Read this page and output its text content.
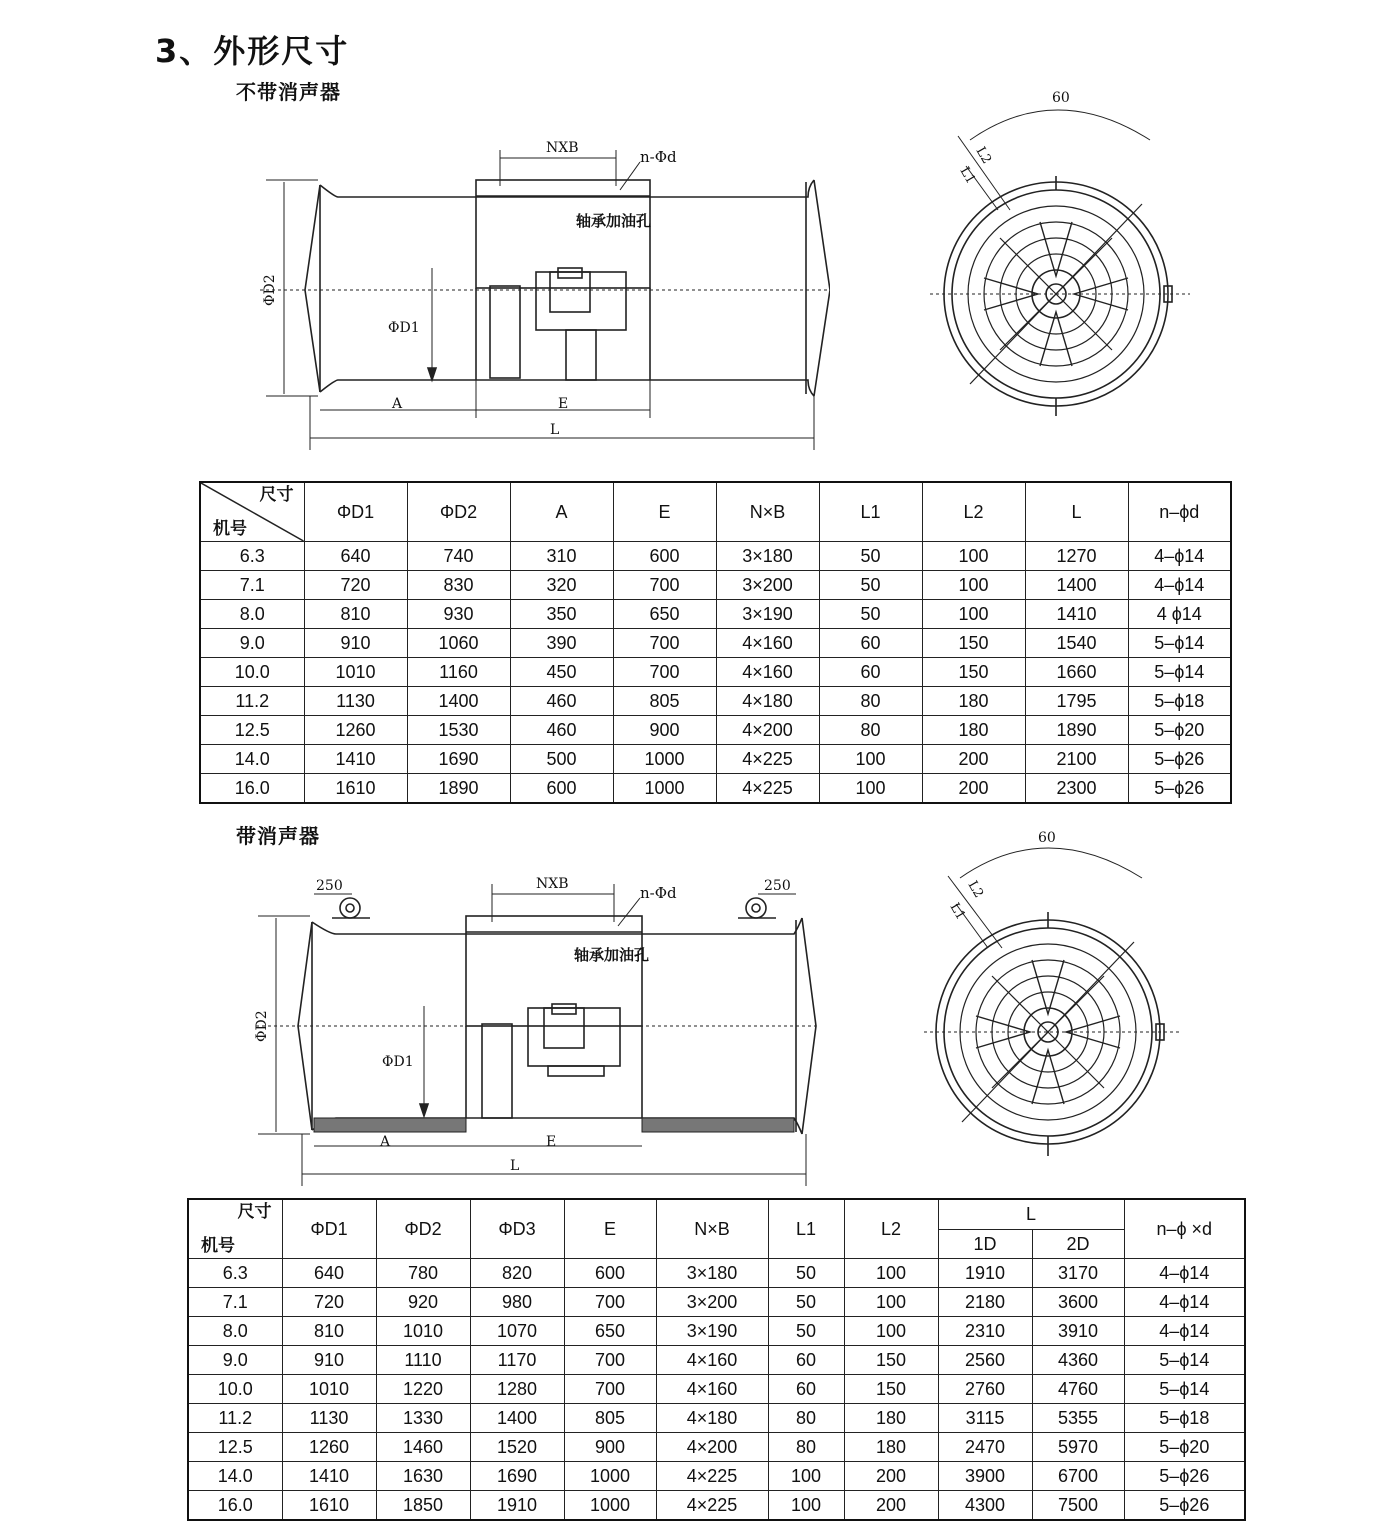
3、外形尺寸
不带消声器
NXB	n-Φd
轴承加油孔
ΦD1
ΦD2
A	E
L
60
L1
L2
尺寸
机号	ΦD1	ΦD2	A	E	N×B	L1	L2	L	n–ϕd
6.3	640	740	310	600	3×180	50	100	1270	4–ϕ14
7.1	720	830	320	700	3×200	50	100	1400	4–ϕ14
8.0	810	930	350	650	3×190	50	100	1410	4 ϕ14
9.0	910	1060	390	700	4×160	60	150	1540	5–ϕ14
10.0	1010	1160	450	700	4×160	60	150	1660	5–ϕ14
11.2	1130	1400	460	805	4×180	80	180	1795	5–ϕ18
12.5	1260	1530	460	900	4×200	80	180	1890	5–ϕ20
14.0	1410	1690	500	1000	4×225	100	200	2100	5–ϕ26
16.0	1610	1890	600	1000	4×225	100	200	2300	5–ϕ26
带消声器
250	250
NXB	n-Φd
轴承加油孔
ΦD1
ΦD2
A	E
L
60
L1
L2
尺寸
机号	ΦD1	ΦD2	ΦD3	E	N×B	L1	L2	L		n–ϕ ×d
								1D	2D	
6.3	640	780	820	600	3×180	50	100	1910	3170	4–ϕ14
7.1	720	920	980	700	3×200	50	100	2180	3600	4–ϕ14
8.0	810	1010	1070	650	3×190	50	100	2310	3910	4–ϕ14
9.0	910	1110	1170	700	4×160	60	150	2560	4360	5–ϕ14
10.0	1010	1220	1280	700	4×160	60	150	2760	4760	5–ϕ14
11.2	1130	1330	1400	805	4×180	80	180	3115	5355	5–ϕ18
12.5	1260	1460	1520	900	4×200	80	180	2470	5970	5–ϕ20
14.0	1410	1630	1690	1000	4×225	100	200	3900	6700	5–ϕ26
16.0	1610	1850	1910	1000	4×225	100	200	4300	7500	5–ϕ26
